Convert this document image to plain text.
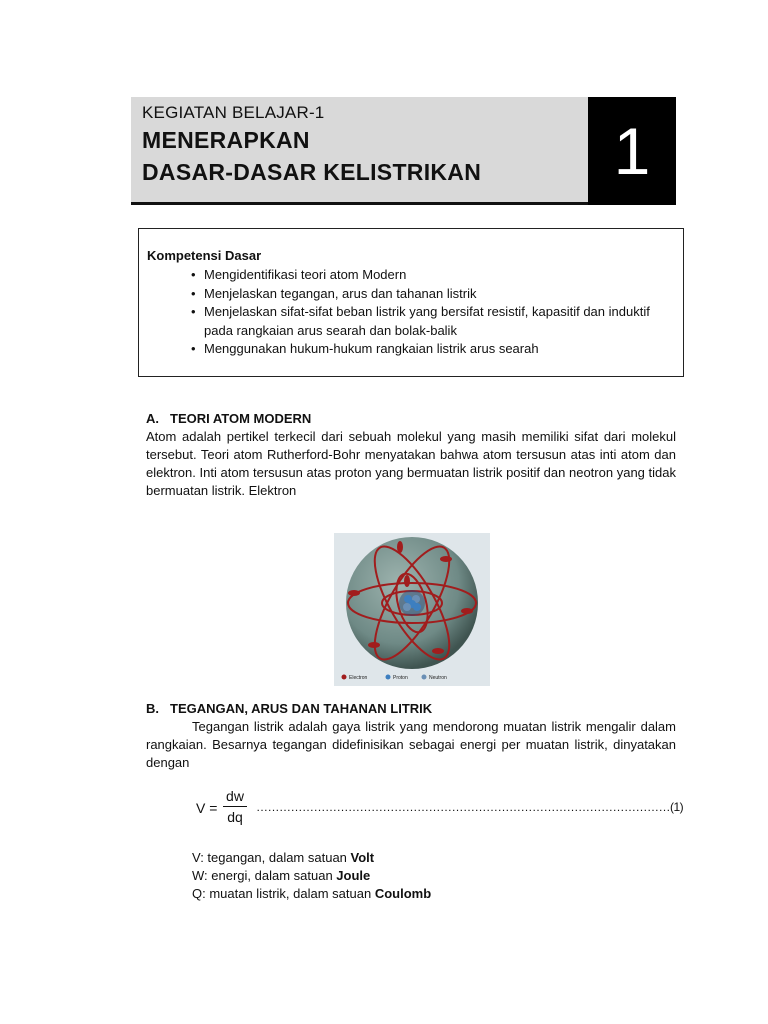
KEGIATAN BELAJAR-1
MENERAPKAN
DASAR-DASAR KELISTRIKAN	1
Kompetensi Dasar
• Mengidentifikasi teori atom Modern
• Menjelaskan tegangan, arus dan tahanan listrik
• Menjelaskan sifat-sifat beban listrik yang bersifat resistif, kapasitif dan induktif pada rangkaian arus searah dan bolak-balik
• Menggunakan hukum-hukum rangkaian listrik arus searah
A. TEORI ATOM MODERN

Atom adalah pertikel terkecil dari sebuah molekul yang masih memiliki sifat dari molekul tersebut. Teori atom Rutherford-Bohr menyatakan bahwa atom tersusun atas inti atom dan elektron. Inti atom tersusun atas proton yang bermuatan listrik positif dan neotron yang tidak bermuatan listrik. Elektron

Electron	Proton	Neutron
B. TEGANGAN, ARUS DAN TAHANAN LITRIK

Tegangan listrik adalah gaya listrik yang mendorong muatan listrik mengalir dalam rangkaian. Besarnya tegangan didefinisikan sebagai energi per muatan listrik, dinyatakan dengan

$V = \frac{dw}{dq}$ ………………………………………………………………………………………………(1)
V: tegangan, dalam satuan Volt
W: energi, dalam satuan Joule
Q: muatan listrik, dalam satuan Coulomb
